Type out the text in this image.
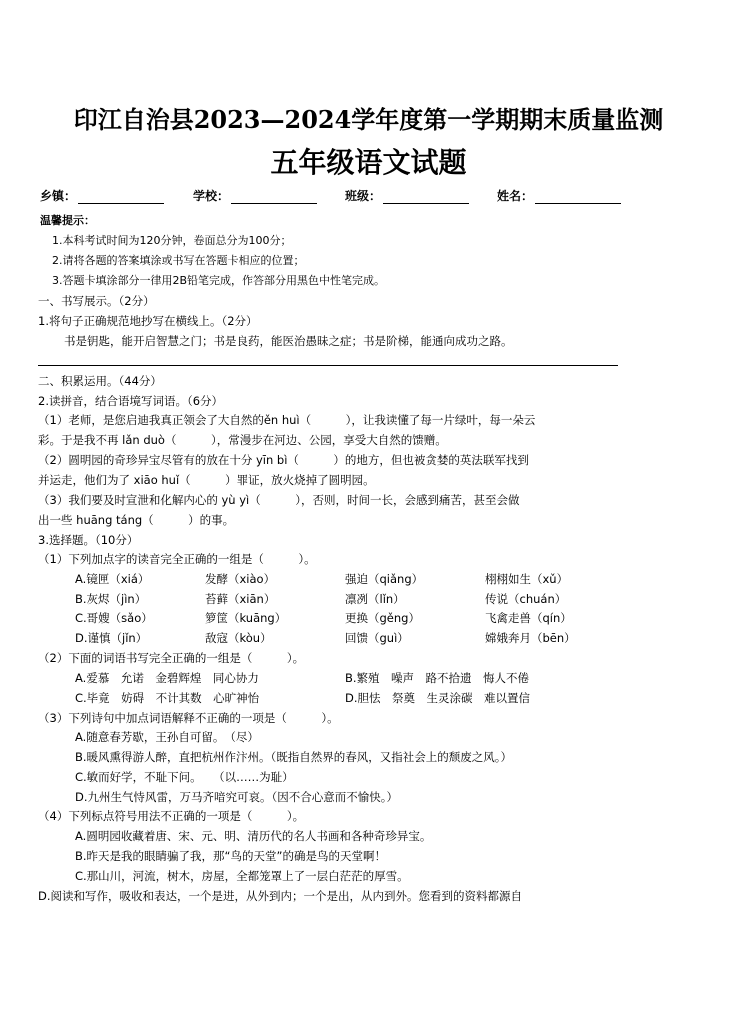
印江自治县2023—2024学年度第一学期期末质量监测
五年级语文试题
乡镇：	学校：	班级：	姓名：
温馨提示：
1.本科考试时间为120分钟，卷面总分为100分；
2.请将各题的答案填涂或书写在答题卡相应的位置；
3.答题卡填涂部分一律用2B铅笔完成，作答部分用黑色中性笔完成。
一、书写展示。（2分）
1.将句子正确规范地抄写在横线上。（2分）
书是钥匙，能开启智慧之门；书是良药，能医治愚昧之症；书是阶梯，能通向成功之路。
二、积累运用。（44分）
2.读拼音，结合语境写词语。（6分）
（1）老师，是您启迪我真正领会了大自然的ěn huì（　　　），让我读懂了每一片绿叶，每一朵云
彩。于是我不再 lǎn duò（　　　），常漫步在河边、公园，享受大自然的馈赠。
（2）圆明园的奇珍异宝尽管有的放在十分 yīn bì（　　　）的地方，但也被贪婪的英法联军找到
并运走，他们为了 xiāo huǐ（　　　）罪证，放火烧掉了圆明园。
（3）我们要及时宣泄和化解内心的 yù yì（　　　），否则，时间一长，会感到痛苦，甚至会做
出一些 huāng táng（　　　）的事。
3.选择题。（10分）
（1）下列加点字的读音完全正确的一组是（　　　）。
A.镜匣（xiá）	发酵（xiào）	强迫（qiǎng）	栩栩如生（xǔ）
B.灰烬（jìn）	苔藓（xiān）	凛冽（lǐn）	传说（chuán）
C.哥嫂（sǎo）	箩筐（kuāng）	更换（gěng）	飞禽走兽（qín）
D.谨慎（jǐn）	敌寇（kòu）	回馈（guì）	嫦娥奔月（bēn）
（2）下面的词语书写完全正确的一组是（　　　）。
A.爱慕　允诺　金碧辉煌　同心协力	B.繁殖　噪声　路不拾遗　悔人不倦
C.毕竟　妨碍　不计其数　心旷神怡	D.胆怯　祭奠　生灵涂碳　难以置信
（3）下列诗句中加点词语解释不正确的一项是（　　　）。
A.随意春芳歇，王孙自可留。　（尽）
B.暖风熏得游人醉，直把杭州作汴州。（既指自然界的春风，又指社会上的颓废之风。）
C.敏而好学，不耻下问。　　（以……为耻）
D.九州生气恃风雷，万马齐喑究可哀。（因不合心意而不愉快。）
（4）下列标点符号用法不正确的一项是（　　　）。
A.圆明园收藏着唐、宋、元、明、清历代的名人书画和各种奇珍异宝。
B.昨天是我的眼睛骗了我，那“鸟的天堂”的确是鸟的天堂啊！
C.那山川，河流，树木，房屋，全都笼罩上了一层白茫茫的厚雪。
D.阅读和写作，吸收和表达，一个是进，从外到内；一个是出，从内到外。您看到的资料都源自
